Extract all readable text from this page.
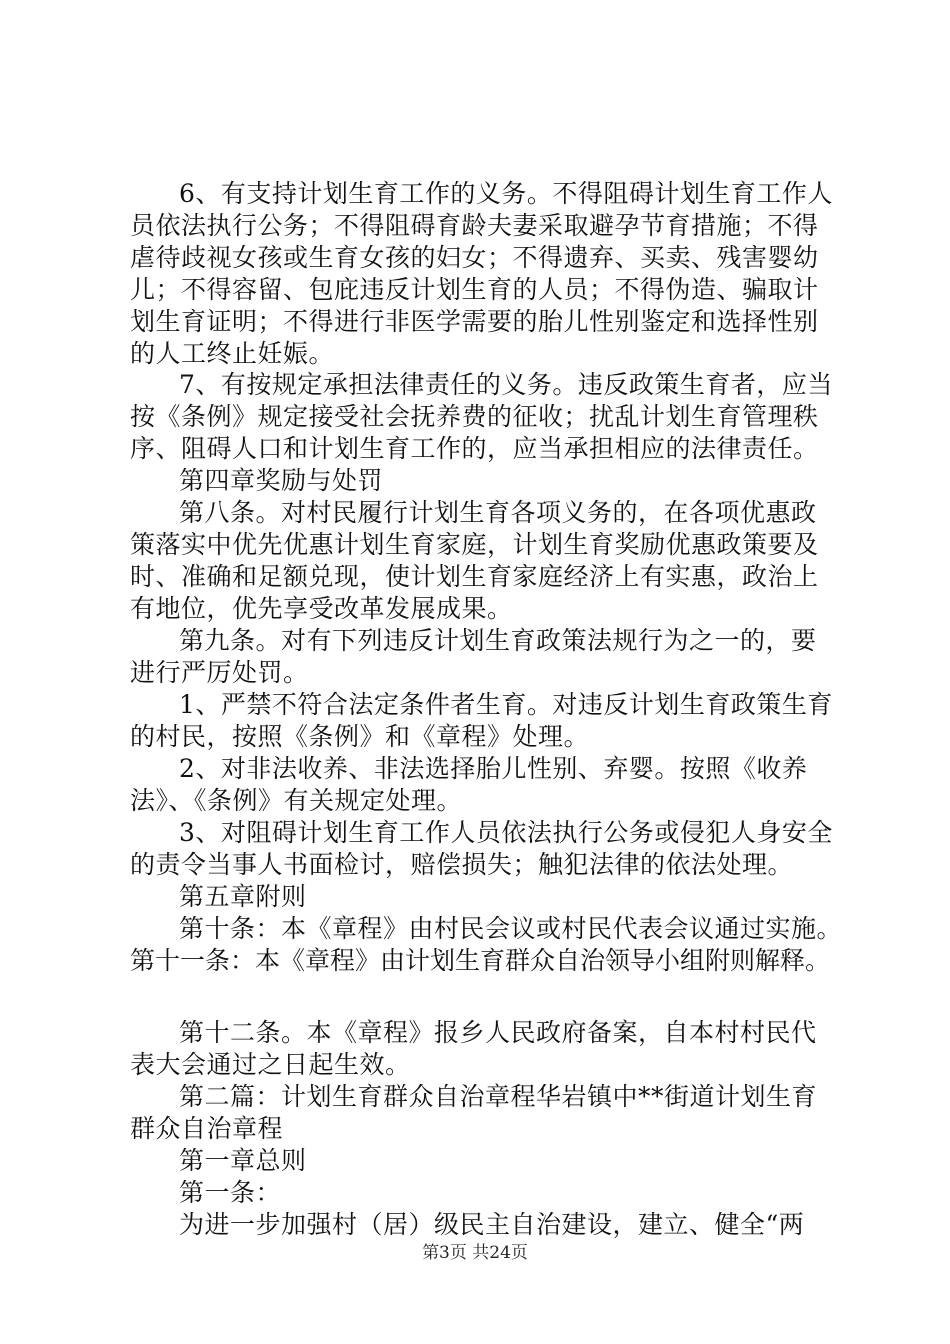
6、有支持计划生育工作的义务。不得阻碍计划生育工作人
员依法执行公务；不得阻碍育龄夫妻采取避孕节育措施；不得
虐待歧视女孩或生育女孩的妇女；不得遗弃、买卖、残害婴幼
儿；不得容留、包庇违反计划生育的人员；不得伪造、骗取计
划生育证明；不得进行非医学需要的胎儿性别鉴定和选择性别
的人工终止妊娠。
7、有按规定承担法律责任的义务。违反政策生育者，应当
按《条例》规定接受社会抚养费的征收；扰乱计划生育管理秩
序、阻碍人口和计划生育工作的，应当承担相应的法律责任。
第四章奖励与处罚
第八条。对村民履行计划生育各项义务的，在各项优惠政
策落实中优先优惠计划生育家庭，计划生育奖励优惠政策要及
时、准确和足额兑现，使计划生育家庭经济上有实惠，政治上
有地位，优先享受改革发展成果。
第九条。对有下列违反计划生育政策法规行为之一的，要
进行严厉处罚。
1、严禁不符合法定条件者生育。对违反计划生育政策生育
的村民，按照《条例》和《章程》处理。
2、对非法收养、非法选择胎儿性别、弃婴。按照《收养
法》、《条例》有关规定处理。
3、对阻碍计划生育工作人员依法执行公务或侵犯人身安全
的责令当事人书面检讨，赔偿损失；触犯法律的依法处理。
第五章附则
第十条：本《章程》由村民会议或村民代表会议通过实施。
第十一条：本《章程》由计划生育群众自治领导小组附则解释。
第十二条。本《章程》报乡人民政府备案，自本村村民代
表大会通过之日起生效。
第二篇：计划生育群众自治章程华岩镇中**街道计划生育
群众自治章程
第一章总则
第一条：
为进一步加强村（居）级民主自治建设，建立、健全“两
第3页 共24页
